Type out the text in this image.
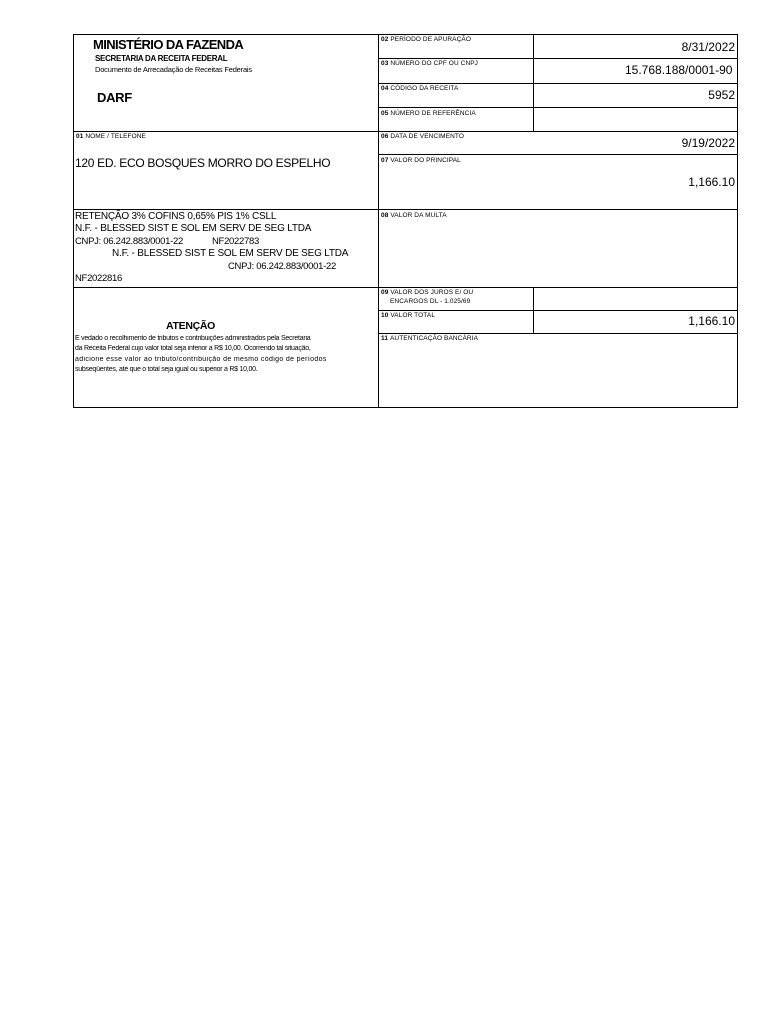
MINISTÉRIO DA FAZENDA
SECRETARIA DA RECEITA FEDERAL
Documento de Arrecadação de Receitas Federais
DARF
02 PERÍODO DE APURAÇÃO
8/31/2022
03 NÚMERO DO CPF OU CNPJ	15.768.188/0001-90
04 CÓDIGO DA RECEITA	5952
05 NÚMERO DE REFERÊNCIA
01 NOME / TELEFONE
120 ED. ECO BOSQUES MORRO DO ESPELHO
06 DATA DE VENCIMENTO	9/19/2022
07 VALOR DO PRINCIPAL
1,166.10
RETENÇÃO 3% COFINS 0,65% PIS 1% CSLL
N.F. - BLESSED SIST E SOL EM SERV DE SEG LTDA
CNPJ: 06.242.883/0001-22	NF2022783
N.F. - BLESSED SIST E SOL EM SERV DE SEG LTDA
CNPJ: 06.242.883/0001-22
NF2022816
08 VALOR DA MULTA
09 VALOR DOS JUROS E/ OU
ENCARGOS DL - 1.025/69
10 VALOR TOTAL	1,166.10
11 AUTENTICAÇÃO BANCÁRIA
ATENÇÃO
É vedado o recolhimento de tributos e contribuições administrados pela Secretaria
da Receita Federal cujo valor total seja inferior a R$ 10,00. Ocorrendo tal situação,
adicione esse valor ao tributo/contribuição de mesmo código de períodos
subseqüentes, até que o total seja igual ou superior a R$ 10,00.
